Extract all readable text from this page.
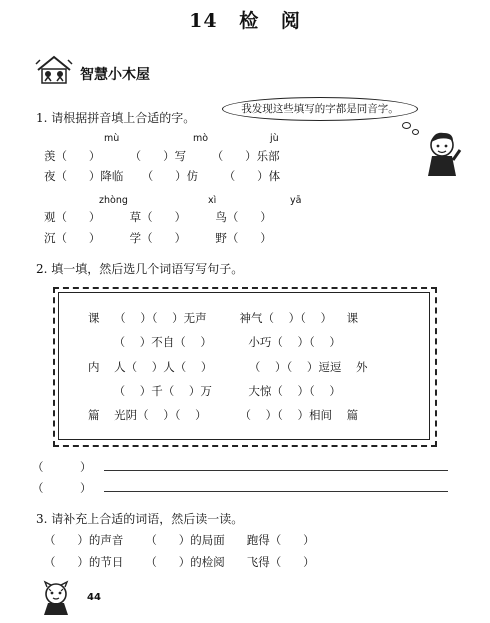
14 检 阅
智慧小木屋
1. 请根据拼音填上合适的字。
我发现这些填写的字都是同音字。
mù	mò	jù
羡（      ）        （      ）写       （      ）乐部
夜（      ）降临     （      ）仿       （      ）体
zhòng	xì	yā
观（      ）        草（      ）        鸟（      ）
沉（      ）        学（      ）        野（      ）
2. 填一填，然后选几个词语写写句子。
课    （    ）（    ）无声         神气（    ）（    ）    课
（    ）不自（    ）          小巧（    ）（    ）
内    人（    ）人（    ）          （    ）（    ）逗逗    外
（    ）千（    ）万          大惊（    ）（    ）
篇    光阴（    ）（    ）         （    ）（    ）相间    篇
（          ）
（          ）
3. 请补充上合适的词语，然后读一读。
（      ）的声音      （      ）的局面      跑得（      ）
（      ）的节日      （      ）的检阅      飞得（      ）
44
